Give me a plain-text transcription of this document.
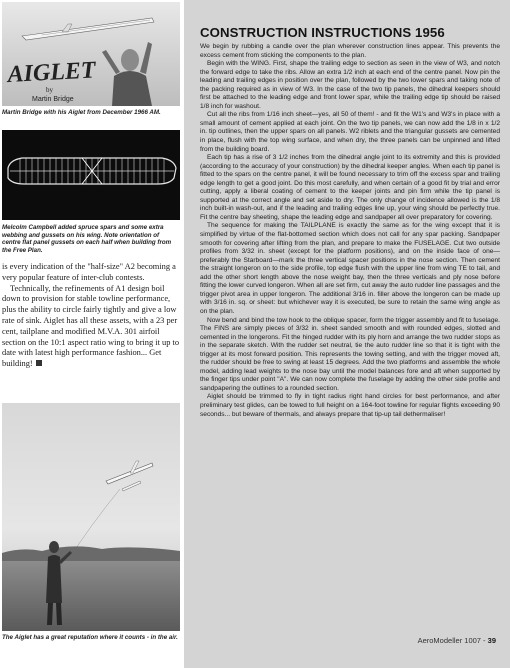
AIGLET
by
Martin Bridge
Martin Bridge with his Aiglet from December 1966 AM.
Melcolm Campbell added spruce spars and some extra webbing and gussets on his wing. Note orientation of centre flat panel gussets on each half when building from the Free Plan.

is every indication of the "half-size" A2 becoming a very popular feature of inter-club contests.

Technically, the refinements of A1 design boil down to provision for stable towline performance, plus the ability to circle fairly tightly and give a low rate of sink. Aiglet has all these assets, with a 23 per cent, tailplane and modified M.V.A. 301 airfoil section on the 10:1 aspect ratio wing to bring it up to date with latest high performance fashion... Get building!

The Aiglet has a great reputation where it counts - in the air.
CONSTRUCTION INSTRUCTIONS 1956

We begin by rubbing a candle over the plan wherever construction lines appear. This prevents the excess cement from sticking the components to the plan.

Begin with the WING. First, shape the trailing edge to section as seen in the view of W3, and notch the forward edge to take the ribs. Allow an extra 1/2 inch at each end of the centre panel. Now pin the leading and trailing edges in position over the plan, followed by the two lower spars and taking note of the packing required as in view of W3. In the case of the two tip panels, the dihedral keepers should first be attached to the leading edge and front lower spar, while the trailing edge tip should be raised 1/8 inch for washout.

Cut all the ribs from 1/16 inch sheet—yes, all 50 of them! - and fit the W1's and W3's in place with a small amount of cement applied at each joint. On the two tip panels, we can now add the 1/8 in x 1/2 in. tip outlines, then the upper spars on all panels. W2 riblets and the triangular gussets are cemented in place, flush with the top wing surface, and when dry, the three panels can be unpinned and lifted from the building board.

Each tip has a rise of 3 1/2 inches from the dihedral angle joint to its extremity and this is provided (according to the accuracy of your construction) by the dihedral keeper angles. When each tip panel is fitted to the spars on the centre panel, it will be found necessary to trim off the excess spar and trailing edge length to get a good joint. Do this most carefully, and when certain of a good fit by trial and error cutting, apply a liberal coating of cement to the keeper joints and pin firm while the tip panel is supported at the correct angle and set aside to dry. The only change of incidence allowed is the 1/8 inch built-in wash-out, and if the leading and trailing edges line up, your wing should be perfectly true. Fit the centre bay sheeting, shape the leading edge and sandpaper all over preparatory for covering.

The sequence for making the TAILPLANE is exactly the same as for the wing except that it is simplified by virtue of the flat-bottomed section which does not call for any spar packing. Sandpaper smooth for covering after lifting from the plan, and prepare to make the FUSELAGE. Cut two outside profiles from 3/32 in. sheet (except for the platform positions), and on the inside face of one—preferably the Starboard—mark the three vertical spacer positions in the nose section. Then cement the straight longeron on to the side profile, top edge flush with the upper line from wing TE to tail, and add the other short length above the nose weight bay, then the three verticals and ply nose before fitting the lower curved longeron. When all are set firm, cut away the auto rudder line passages and the trigger pivot area in upper longeron. The additional 3/16 in. filler above the longeron can be made up with 3/16 in. sq. or sheet: but whichever way it is executed, be sure to retain the same wing angle as on the plan.

Now bend and bind the tow hook to the oblique spacer, form the trigger assembly and fit to fuselage. The FINS are simply pieces of 3/32 in. sheet sanded smooth and with rounded edges, slotted and cemented in the longerons. Fit the hinged rudder with its ply horn and arrange the two rudder stops as in the separate sketch. With the rudder set neutral, tie the auto rudder line so that it is tight with the trigger at its most forward position. This represents the towing setting, and with the trigger moved aft, the rudder should be free to swing at least 15 degrees. Add the two platforms and assemble the whole model, adding lead weights to the nose bay until the model balances fore and aft when supported by the finger tips under point "A". We can now complete the fuselage by adding the other side profile and sandpapering the outlines to a rounded section.

Aiglet should be trimmed to fly in tight radius right hand circles for best performance, and after preliminary test glides, can be towed to full height on a 164-foot towline for regular flights exceeding 90 seconds... but beware of thermals, and always prepare that tip-up tail dethermaliser!

AeroModeller 1007 - 39
